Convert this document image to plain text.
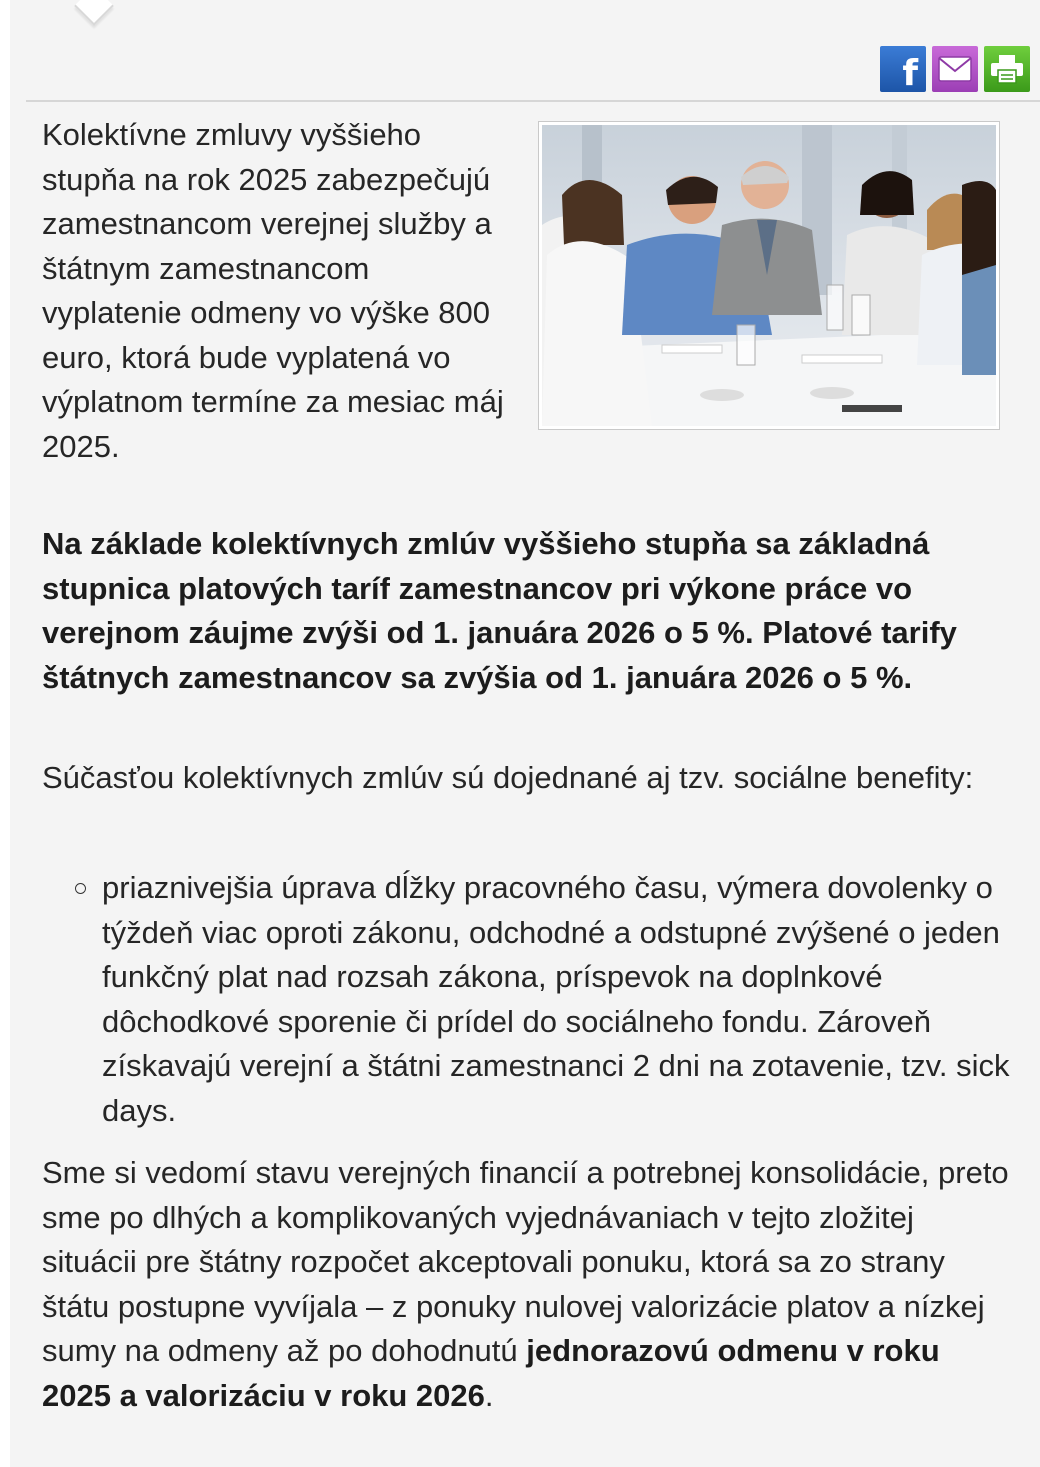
f
Kolektívne zmluvy vyššieho stupňa na rok 2025 zabezpečujú zamestnancom verejnej služby a štátnym zamestnancom vyplatenie odmeny vo výške 800 euro, ktorá bude vyplatená vo výplatnom termíne za mesiac máj 2025.
Na základe kolektívnych zmlúv vyššieho stupňa sa základná stupnica platových taríf zamestnancov pri výkone práce vo verejnom záujme zvýši od 1. januára 2026 o 5 %. Platové tarify štátnych zamestnancov sa zvýšia od 1. januára 2026 o 5 %.
Súčasťou kolektívnych zmlúv sú dojednané aj tzv. sociálne benefity:
priaznivejšia úprava dĺžky pracovného času, výmera dovolenky o týždeň viac oproti zákonu, odchodné a odstupné zvýšené o jeden funkčný plat nad rozsah zákona, príspevok na doplnkové dôchodkové sporenie či prídel do sociálneho fondu. Zároveň získavajú verejní a štátni zamestnanci 2 dni na zotavenie, tzv. sick days.
Sme si vedomí stavu verejných financií a potrebnej konsolidácie, preto sme po dlhých a komplikovaných vyjednávaniach v tejto zložitej situácii pre štátny rozpočet akceptovali ponuku, ktorá sa zo strany štátu postupne vyvíjala – z ponuky nulovej valorizácie platov a nízkej sumy na odmeny až po dohodnutú jednorazovú odmenu v roku 2025 a valorizáciu v roku 2026.
